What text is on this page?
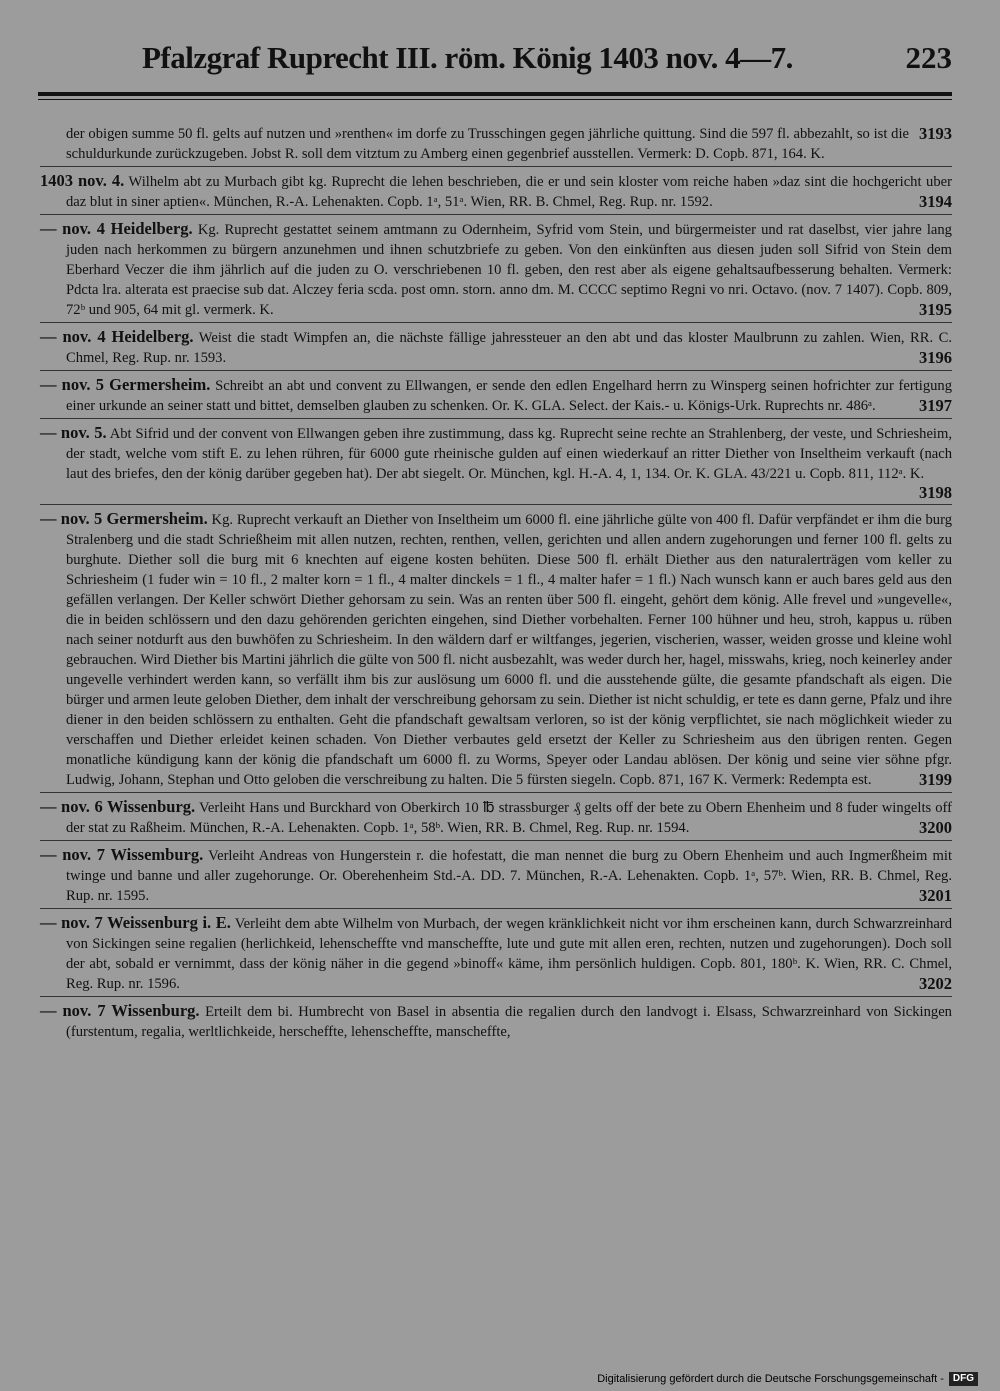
Pfalzgraf Ruprecht III. röm. König 1403 nov. 4—7.	223

3193
der obigen summe 50 fl. gelts auf nutzen und »renthen« im dorfe zu Trusschingen gegen jährliche quittung. Sind die 597 fl. abbezahlt, so ist die schuldurkunde zurückzugeben. Jobst R. soll dem vitztum zu Amberg einen gegenbrief ausstellen. Vermerk: D. Copb. 871, 164. K.

1403 nov. 4. Wilhelm abt zu Murbach gibt kg. Ruprecht die lehen beschrieben, die er und sein kloster vom reiche haben »daz sint die hochgericht uber daz blut in siner aptien«. München, R.-A. Lehenakten. Copb. 1ᵃ, 51ᵃ. Wien, RR. B. Chmel, Reg. Rup. nr. 1592.	3194

— nov. 4 Heidelberg. Kg. Ruprecht gestattet seinem amtmann zu Odernheim, Syfrid vom Stein, und bürgermeister und rat daselbst, vier jahre lang juden nach herkommen zu bürgern anzunehmen und ihnen schutzbriefe zu geben. Von den einkünften aus diesen juden soll Sifrid von Stein dem Eberhard Veczer die ihm jährlich auf die juden zu O. verschriebenen 10 fl. geben, den rest aber als eigene gehaltsaufbesserung behalten. Vermerk: Pdcta lra. alterata est praecise sub dat. Alczey feria scda. post omn. storn. anno dm. M. CCCC septimo Regni vo nri. Octavo. (nov. 7 1407). Copb. 809, 72ᵇ und 905, 64 mit gl. vermerk. K.	3195

— nov. 4 Heidelberg. Weist die stadt Wimpfen an, die nächste fällige jahressteuer an den abt und das kloster Maulbrunn zu zahlen. Wien, RR. C. Chmel, Reg. Rup. nr. 1593.	3196

— nov. 5 Germersheim. Schreibt an abt und convent zu Ellwangen, er sende den edlen Engelhard herrn zu Winsperg seinen hofrichter zur fertigung einer urkunde an seiner statt und bittet, demselben glauben zu schenken. Or. K. GLA. Select. der Kais.- u. Königs-Urk. Ruprechts nr. 486ᵃ.	3197

— nov. 5. Abt Sifrid und der convent von Ellwangen geben ihre zustimmung, dass kg. Ruprecht seine rechte an Strahlenberg, der veste, und Schriesheim, der stadt, welche vom stift E. zu lehen rühren, für 6000 gute rheinische gulden auf einen wiederkauf an ritter Diether von Inseltheim verkauft (nach laut des briefes, den der könig darüber gegeben hat). Der abt siegelt. Or. München, kgl. H.-A. 4, 1, 134. Or. K. GLA. 43/221 u. Copb. 811, 112ᵃ. K.

3198

— nov. 5 Germersheim. Kg. Ruprecht verkauft an Diether von Inseltheim um 6000 fl. eine jährliche gülte von 400 fl. Dafür verpfändet er ihm die burg Stralenberg und die stadt Schrießheim mit allen nutzen, rechten, renthen, vellen, gerichten und allen andern zugehorungen und ferner 100 fl. gelts zu burghute. Diether soll die burg mit 6 knechten auf eigene kosten behüten. Diese 500 fl. erhält Diether aus den naturalerträgen vom keller zu Schriesheim (1 fuder win = 10 fl., 2 malter korn = 1 fl., 4 malter dinckels = 1 fl., 4 malter hafer = 1 fl.) Nach wunsch kann er auch bares geld aus den gefällen verlangen. Der Keller schwört Diether gehorsam zu sein. Was an renten über 500 fl. eingeht, gehört dem könig. Alle frevel und »ungevelle«, die in beiden schlössern und den dazu gehörenden gerichten eingehen, sind Diether vorbehalten. Ferner 100 hühner und heu, stroh, kappus u. rüben nach seiner notdurft aus den buwhöfen zu Schriesheim. In den wäldern darf er wiltfanges, jegerien, vischerien, wasser, weiden grosse und kleine wohl gebrauchen. Wird Diether bis Martini jährlich die gülte von 500 fl. nicht ausbezahlt, was weder durch her, hagel, misswahs, krieg, noch keinerley ander ungevelle verhindert werden kann, so verfällt ihm bis zur auslösung um 6000 fl. und die ausstehende gülte, die gesamte pfandschaft als eigen. Die bürger und armen leute geloben Diether, dem inhalt der verschreibung gehorsam zu sein. Diether ist nicht schuldig, er tete es dann gerne, Pfalz und ihre diener in den beiden schlössern zu enthalten. Geht die pfandschaft gewaltsam verloren, so ist der könig verpflichtet, sie nach möglichkeit wieder zu verschaffen und Diether erleidet keinen schaden. Von Diether verbautes geld ersetzt der Keller zu Schriesheim aus den übrigen renten. Gegen monatliche kündigung kann der könig die pfandschaft um 6000 fl. zu Worms, Speyer oder Landau ablösen. Der könig und seine vier söhne pfgr. Ludwig, Johann, Stephan und Otto geloben die verschreibung zu halten. Die 5 fürsten siegeln. Copb. 871, 167 K. Vermerk: Redempta est.	3199

— nov. 6 Wissenburg. Verleiht Hans und Burckhard von Oberkirch 10 ℔ strassburger ₰ gelts off der bete zu Obern Ehenheim und 8 fuder wingelts off der stat zu Raßheim. München, R.-A. Lehenakten. Copb. 1ᵃ, 58ᵇ. Wien, RR. B. Chmel, Reg. Rup. nr. 1594.	3200

— nov. 7 Wissemburg. Verleiht Andreas von Hungerstein r. die hofestatt, die man nennet die burg zu Obern Ehenheim und auch Ingmerßheim mit twinge und banne und aller zugehorunge. Or. Oberehenheim Std.-A. DD. 7. München, R.-A. Lehenakten. Copb. 1ᵃ, 57ᵇ. Wien, RR. B. Chmel, Reg. Rup. nr. 1595.	3201

— nov. 7 Weissenburg i. E. Verleiht dem abte Wilhelm von Murbach, der wegen kränklichkeit nicht vor ihm erscheinen kann, durch Schwarzreinhard von Sickingen seine regalien (herlichkeid, lehenscheffte vnd manscheffte, lute und gute mit allen eren, rechten, nutzen und zugehorungen). Doch soll der abt, sobald er vernimmt, dass der könig näher in die gegend »binoff« käme, ihm persönlich huldigen. Copb. 801, 180ᵇ. K. Wien, RR. C. Chmel, Reg. Rup. nr. 1596.	3202

— nov. 7 Wissenburg. Erteilt dem bi. Humbrecht von Basel in absentia die regalien durch den landvogt i. Elsass, Schwarzreinhard von Sickingen (furstentum, regalia, werltlichkeide, herscheffte, lehenscheffte, manscheffte,

Digitalisierung gefördert durch die Deutsche Forschungsgemeinschaft - DFG
